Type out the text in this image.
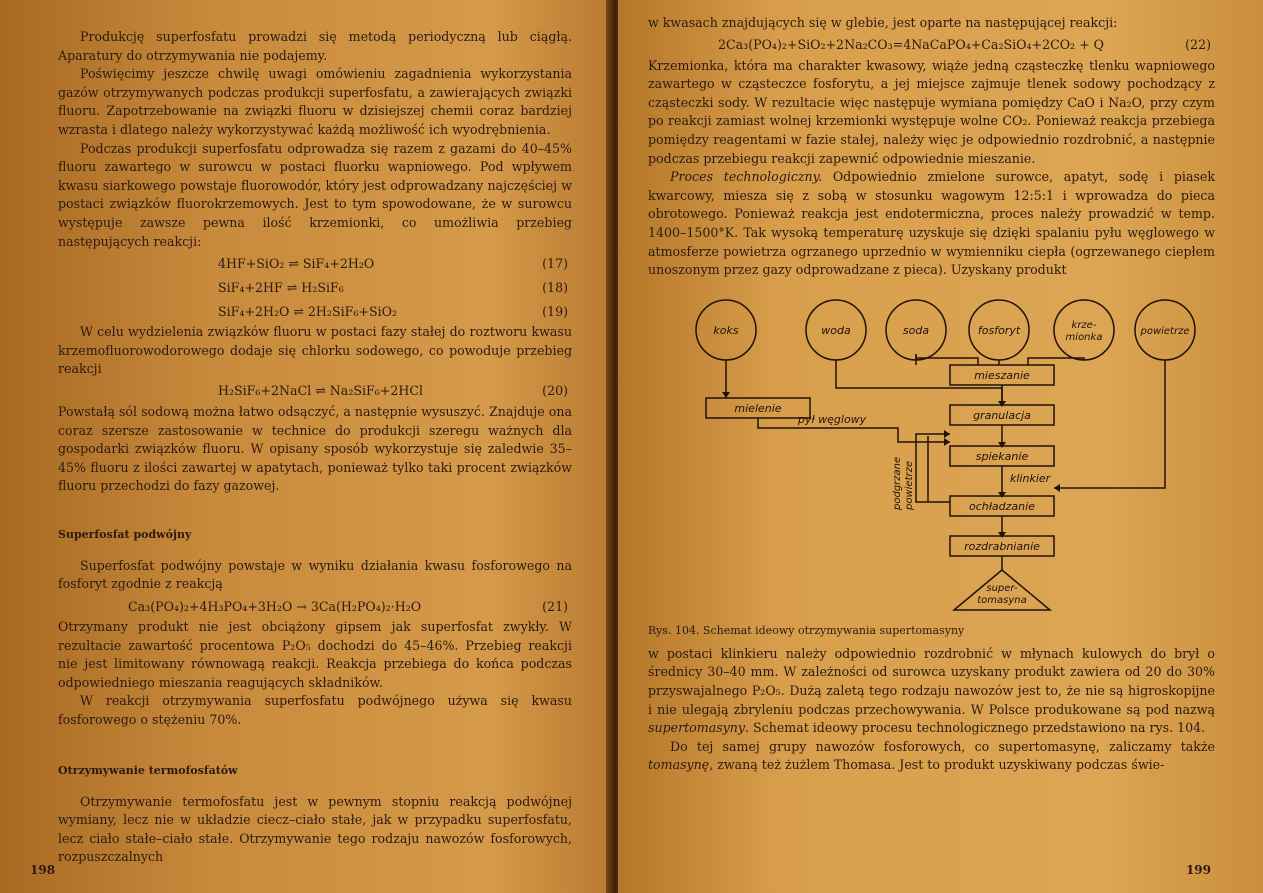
Produkcję superfosfatu prowadzi się metodą periodyczną lub ciągłą. Aparatury do otrzymywania nie podajemy.

Poświęcimy jeszcze chwilę uwagi omówieniu zagadnienia wykorzystania gazów otrzymywanych podczas produkcji superfosfatu, a zawierających związki fluoru. Zapotrzebowanie na związki fluoru w dzisiejszej chemii coraz bardziej wzrasta i dlatego należy wykorzystywać każdą możliwość ich wyodrębnienia.

Podczas produkcji superfosfatu odprowadza się razem z gazami do 40–45% fluoru zawartego w surowcu w postaci fluorku wapniowego. Pod wpływem kwasu siarkowego powstaje fluorowodór, który jest odprowadzany najczęściej w postaci związków fluorokrzemowych. Jest to tym spowodowane, że w surowcu występuje zawsze pewna ilość krzemionki, co umożliwia przebieg następujących reakcji:

4HF+SiO₂ ⇌ SiF₄+2H₂O	(17)
SiF₄+2HF ⇌ H₂SiF₆	(18)
SiF₄+2H₂O ⇌ 2H₂SiF₆+SiO₂	(19)

W celu wydzielenia związków fluoru w postaci fazy stałej do roztworu kwasu krzemofluorowodorowego dodaje się chlorku sodowego, co powoduje przebieg reakcji

H₂SiF₆+2NaCl ⇌ Na₂SiF₆+2HCl	(20)

Powstałą sól sodową można łatwo odsączyć, a następnie wysuszyć. Znajduje ona coraz szersze zastosowanie w technice do produkcji szeregu ważnych dla gospodarki związków fluoru. W opisany sposób wykorzystuje się zaledwie 35–45% fluoru z ilości zawartej w apatytach, ponieważ tylko taki procent związków fluoru przechodzi do fazy gazowej.

Superfosfat podwójny

Superfosfat podwójny powstaje w wyniku działania kwasu fosforowego na fosforyt zgodnie z reakcją

Ca₃(PO₄)₂+4H₃PO₄+3H₂O → 3Ca(H₂PO₄)₂·H₂O	(21)

Otrzymany produkt nie jest obciążony gipsem jak superfosfat zwykły. W rezultacie zawartość procentowa P₂O₅ dochodzi do 45–46%. Przebieg reakcji nie jest limitowany równowagą reakcji. Reakcja przebiega do końca podczas odpowiedniego mieszania reagujących składników.

W reakcji otrzymywania superfosfatu podwójnego używa się kwasu fosforowego o stężeniu 70%.

Otrzymywanie termofosfatów

Otrzymywanie termofosfatu jest w pewnym stopniu reakcją podwójnej wymiany, lecz nie w układzie ciecz–ciało stałe, jak w przypadku superfosfatu, lecz ciało stałe–ciało stałe. Otrzymywanie tego rodzaju nawozów fosforowych, rozpuszczalnych

198

w kwasach znajdujących się w glebie, jest oparte na następującej reakcji:

2Ca₃(PO₄)₂+SiO₂+2Na₂CO₃=4NaCaPO₄+Ca₂SiO₄+2CO₂ + Q	(22)

Krzemionka, która ma charakter kwasowy, wiąże jedną cząsteczkę tlenku wapniowego zawartego w cząsteczce fosforytu, a jej miejsce zajmuje tlenek sodowy pochodzący z cząsteczki sody. W rezultacie więc następuje wymiana pomiędzy CaO i Na₂O, przy czym po reakcji zamiast wolnej krzemionki występuje wolne CO₂. Ponieważ reakcja przebiega pomiędzy reagentami w fazie stałej, należy więc je odpowiednio rozdrobnić, a następnie podczas przebiegu reakcji zapewnić odpowiednie mieszanie.

Proces technologiczny. Odpowiednio zmielone surowce, apatyt, sodę i piasek kwarcowy, miesza się z sobą w stosunku wagowym 12:5:1 i wprowadza do pieca obrotowego. Ponieważ reakcja jest endotermiczna, proces należy prowadzić w temp. 1400–1500°K. Tak wysoką temperaturę uzyskuje się dzięki spalaniu pyłu węglowego w atmosferze powietrza ogrzanego uprzednio w wymienniku ciepła (ogrzewanego ciepłem unoszonym przez gazy odprowadzane z pieca). Uzyskany produkt

koks	woda	soda	fosforyt	krze-
mionka
powietrze
mielenie
mieszanie
granulacja
spiekanie
ochładzanie
rozdrabnianie
pył węglowy
klinkier
super-
tomasyna
podgrzane powietrze
Rys. 104. Schemat ideowy otrzymywania supertomasyny

w postaci klinkieru należy odpowiednio rozdrobnić w młynach kulowych do brył o średnicy 30–40 mm. W zależności od surowca uzyskany produkt zawiera od 20 do 30% przyswajalnego P₂O₅. Dużą zaletą tego rodzaju nawozów jest to, że nie są higroskopijne i nie ulegają zbryleniu podczas przechowywania. W Polsce produkowane są pod nazwą supertomasyny. Schemat ideowy procesu technologicznego przedstawiono na rys. 104.

Do tej samej grupy nawozów fosforowych, co supertomasynę, zaliczamy także tomasynę, zwaną też żużlem Thomasa. Jest to produkt uzyskiwany podczas świe-

199
